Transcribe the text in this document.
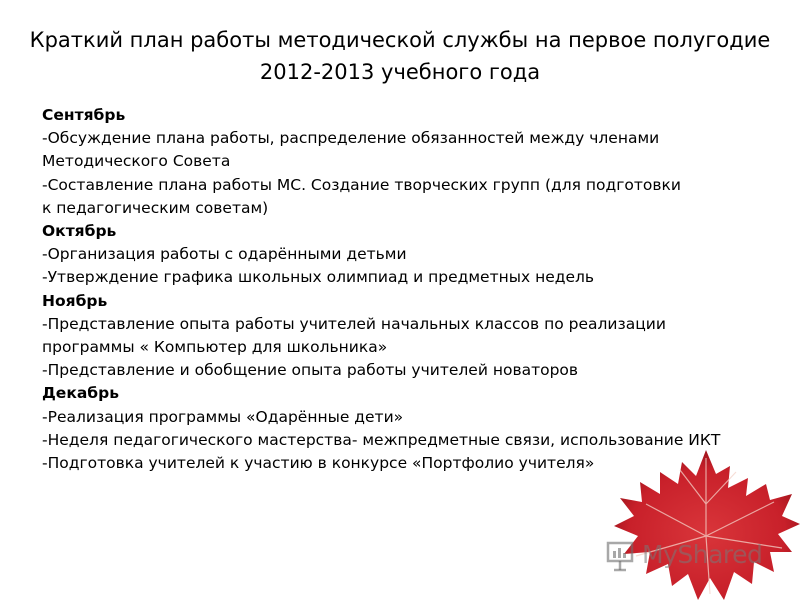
Краткий план работы методической службы на первое полугодие
2012-2013 учебного года

Сентябрь

-Обсуждение плана работы, распределение обязанностей между членами

Методического Совета

-Составление плана работы МС. Создание творческих групп (для подготовки

к педагогическим советам)

Октябрь

-Организация работы с одарёнными детьми

-Утверждение графика школьных олимпиад и предметных недель

Ноябрь

-Представление опыта работы учителей начальных классов по реализации

программы « Компьютер для школьника»

-Представление и обобщение опыта работы учителей новаторов

Декабрь

-Реализация программы «Одарённые дети»

-Неделя педагогического мастерства- межпредметные связи, использование ИКТ

-Подготовка учителей к участию в конкурсе «Портфолио учителя»

MyShared
